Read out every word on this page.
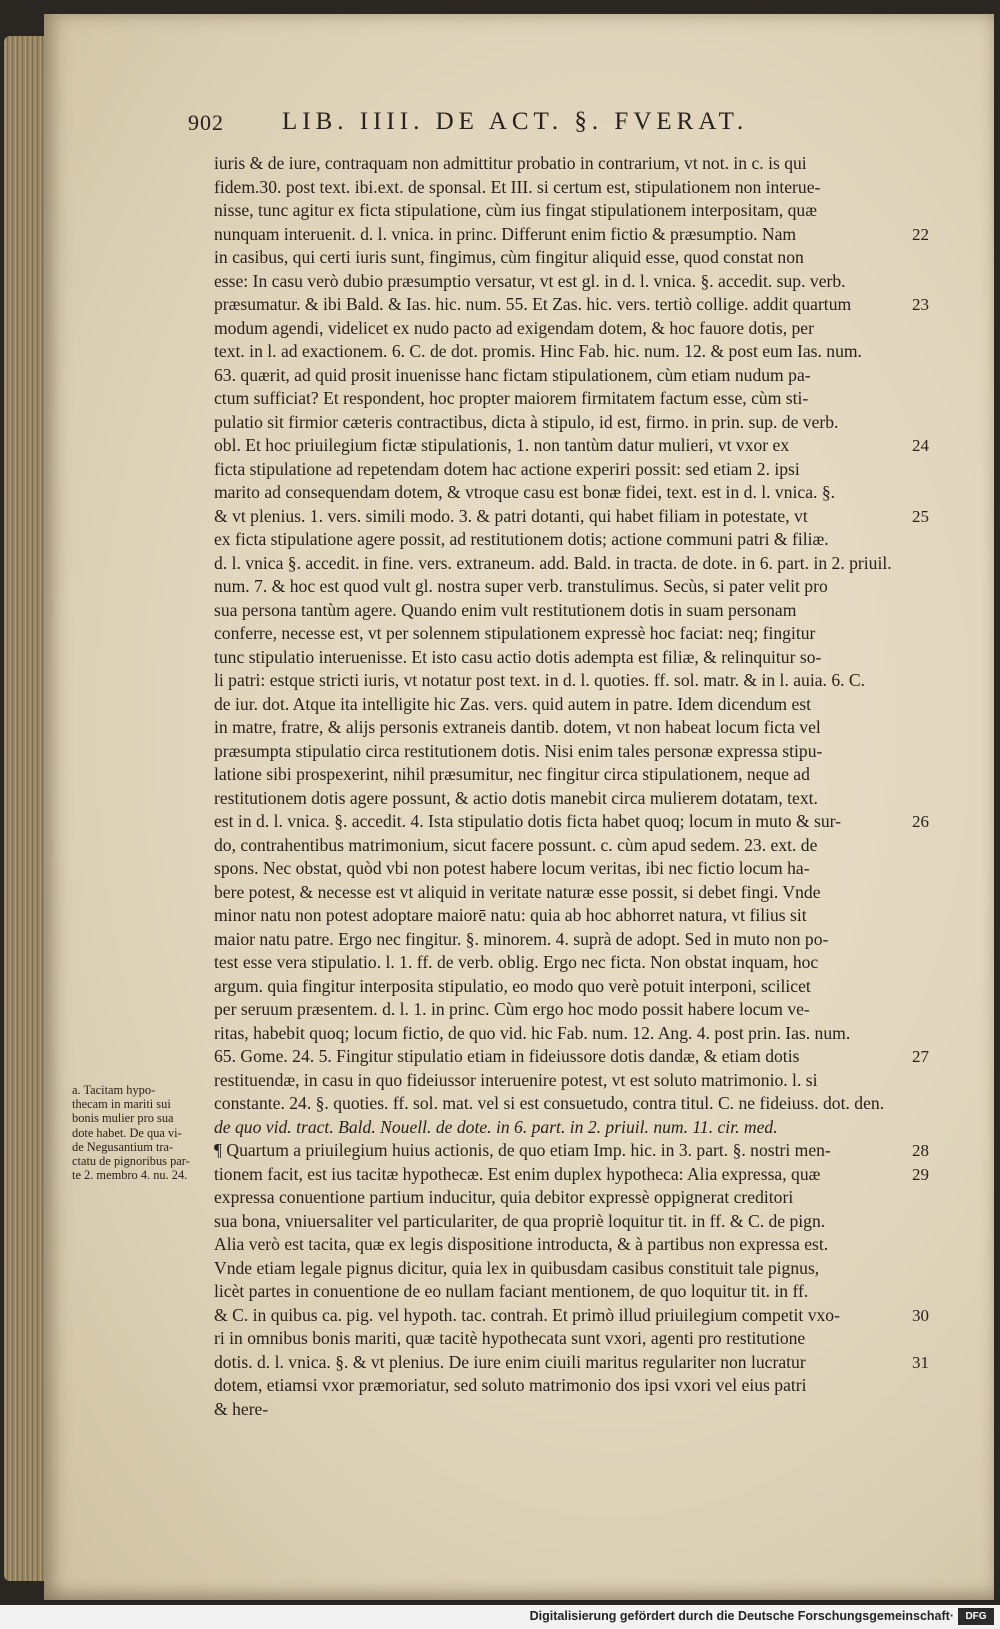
902 LIB. IIII. DE ACT. §. FVERAT.
iuris & de iure, contraquam non admittitur probatio in contrarium, vt not. in c. is qui
fidem.30. post text. ibi.ext. de sponsal. Et III. si certum est, stipulationem non interue-
nisse, tunc agitur ex ficta stipulatione, cùm ius fingat stipulationem interpositam, quæ
nunquam interuenit. d. l. vnica. in princ. Differunt enim fictio & præsumptio. Nam
in casibus, qui certi iuris sunt, fingimus, cùm fingitur aliquid esse, quod constat non
esse: In casu verò dubio præsumptio versatur, vt est gl. in d. l. vnica. §. accedit. sup. verb.
præsumatur. & ibi Bald. & Ias. hic. num. 55. Et Zas. hic. vers. tertiò collige. addit quartum
modum agendi, videlicet ex nudo pacto ad exigendam dotem, & hoc fauore dotis, per
text. in l. ad exactionem. 6. C. de dot. promis. Hinc Fab. hic. num. 12. & post eum Ias. num.
63. quærit, ad quid prosit inuenisse hanc fictam stipulationem, cùm etiam nudum pa-
ctum sufficiat? Et respondent, hoc propter maiorem firmitatem factum esse, cùm sti-
pulatio sit firmior cæteris contractibus, dicta à stipulo, id est, firmo. in prin. sup. de verb.
obl. Et hoc priuilegium fictæ stipulationis, 1. non tantùm datur mulieri, vt vxor ex
ficta stipulatione ad repetendam dotem hac actione experiri possit: sed etiam 2. ipsi
marito ad consequendam dotem, & vtroque casu est bonæ fidei, text. est in d. l. vnica. §.
& vt plenius. 1. vers. simili modo. 3. & patri dotanti, qui habet filiam in potestate, vt
ex ficta stipulatione agere possit, ad restitutionem dotis; actione communi patri & filiæ.
d. l. vnica §. accedit. in fine. vers. extraneum. add. Bald. in tracta. de dote. in 6. part. in 2. priuil.
num. 7. & hoc est quod vult gl. nostra super verb. transtulimus. Secùs, si pater velit pro
sua persona tantùm agere. Quando enim vult restitutionem dotis in suam personam
conferre, necesse est, vt per solennem stipulationem expressè hoc faciat: neq; fingitur
tunc stipulatio interuenisse. Et isto casu actio dotis adempta est filiæ, & relinquitur so-
li patri: estque stricti iuris, vt notatur post text. in d. l. quoties. ff. sol. matr. & in l. auia. 6. C.
de iur. dot. Atque ita intelligite hic Zas. vers. quid autem in patre. Idem dicendum est
in matre, fratre, & alijs personis extraneis dantib. dotem, vt non habeat locum ficta vel
præsumpta stipulatio circa restitutionem dotis. Nisi enim tales personæ expressa stipu-
latione sibi prospexerint, nihil præsumitur, nec fingitur circa stipulationem, neque ad
restitutionem dotis agere possunt, & actio dotis manebit circa mulierem dotatam, text.
est in d. l. vnica. §. accedit. 4. Ista stipulatio dotis ficta habet quoq; locum in muto & sur-
do, contrahentibus matrimonium, sicut facere possunt. c. cùm apud sedem. 23. ext. de
spons. Nec obstat, quòd vbi non potest habere locum veritas, ibi nec fictio locum ha-
bere potest, & necesse est vt aliquid in veritate naturæ esse possit, si debet fingi. Vnde
minor natu non potest adoptare maiorē natu: quia ab hoc abhorret natura, vt filius sit
maior natu patre. Ergo nec fingitur. §. minorem. 4. suprà de adopt. Sed in muto non po-
test esse vera stipulatio. l. 1. ff. de verb. oblig. Ergo nec ficta. Non obstat inquam, hoc
argum. quia fingitur interposita stipulatio, eo modo quo verè potuit interponi, scilicet
per seruum præsentem. d. l. 1. in princ. Cùm ergo hoc modo possit habere locum ve-
ritas, habebit quoq; locum fictio, de quo vid. hic Fab. num. 12. Ang. 4. post prin. Ias. num.
65. Gome. 24. 5. Fingitur stipulatio etiam in fideiussore dotis dandæ, & etiam dotis
restituendæ, in casu in quo fideiussor interuenire potest, vt est soluto matrimonio. l. si
constante. 24. §. quoties. ff. sol. mat. vel si est consuetudo, contra titul. C. ne fideiuss. dot. den.
de quo vid. tract. Bald. Nouell. de dote. in 6. part. in 2. priuil. num. 11. cir. med.
¶ Quartum a priuilegium huius actionis, de quo etiam Imp. hic. in 3. part. §. nostri men-
tionem facit, est ius tacitæ hypothecæ. Est enim duplex hypotheca: Alia expressa, quæ
expressa conuentione partium inducitur, quia debitor expressè oppignerat creditori
sua bona, vniuersaliter vel particulariter, de qua propriè loquitur tit. in ff. & C. de pign.
Alia verò est tacita, quæ ex legis dispositione introducta, & à partibus non expressa est.
Vnde etiam legale pignus dicitur, quia lex in quibusdam casibus constituit tale pignus,
licèt partes in conuentione de eo nullam faciant mentionem, de quo loquitur tit. in ff.
& C. in quibus ca. pig. vel hypoth. tac. contrah. Et primò illud priuilegium competit vxo-
ri in omnibus bonis mariti, quæ tacitè hypothecata sunt vxori, agenti pro restitutione
dotis. d. l. vnica. §. & vt plenius. De iure enim ciuili maritus regulariter non lucratur
dotem, etiamsi vxor præmoriatur, sed soluto matrimonio dos ipsi vxori vel eius patri
& here-
22
23
24
25
26
27
28
29
30
31
a. Tacitam hypo-
thecam in mariti sui
bonis mulier pro sua
dote habet. De qua vi-
de Negusantium tra-
ctatu de pignoribus par-
te 2. membro 4. nu. 24.
Digitalisierung gefördert durch die Deutsche Forschungsgemeinschaft·	DFG
